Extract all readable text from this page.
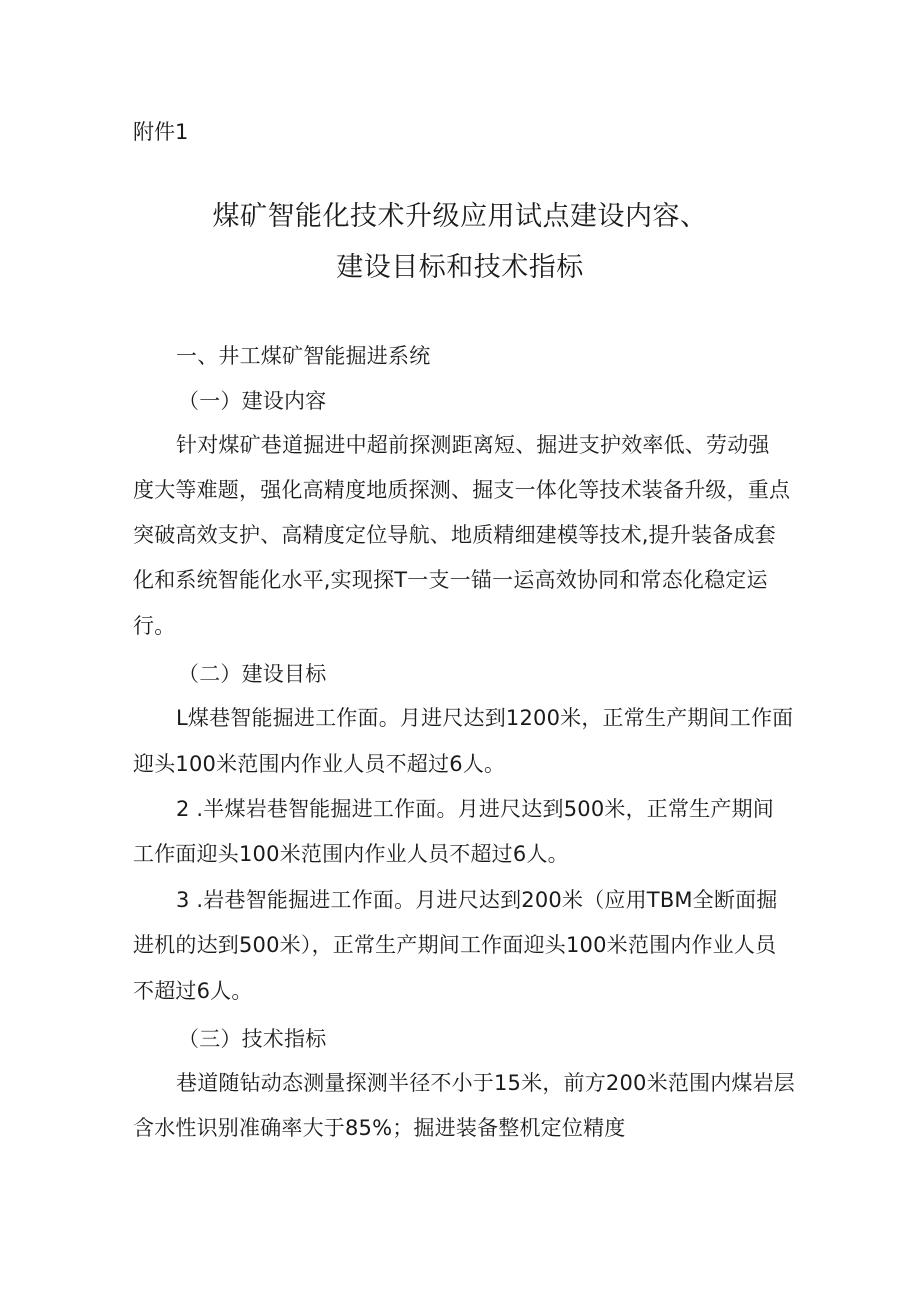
附件1
煤矿智能化技术升级应用试点建设内容、
建设目标和技术指标
一、井工煤矿智能掘进系统
（一）建设内容
针对煤矿巷道掘进中超前探测距离短、掘进支护效率低、劳动强
度大等难题，强化高精度地质探测、掘支一体化等技术装备升级，重点
突破高效支护、高精度定位导航、地质精细建模等技术,提升装备成套
化和系统智能化水平,实现探T一支一锚一运高效协同和常态化稳定运
行。
（二）建设目标
L煤巷智能掘进工作面。月进尺达到1200米，正常生产期间工作面
迎头100米范围内作业人员不超过6人。
2 .半煤岩巷智能掘进工作面。月进尺达到500米，正常生产期间
工作面迎头100米范围内作业人员不超过6人。
3 .岩巷智能掘进工作面。月进尺达到200米（应用TBM全断面掘
进机的达到500米），正常生产期间工作面迎头100米范围内作业人员
不超过6人。
（三）技术指标
巷道随钻动态测量探测半径不小于15米，前方200米范围内煤岩层
含水性识别准确率大于85%；掘进装备整机定位精度
